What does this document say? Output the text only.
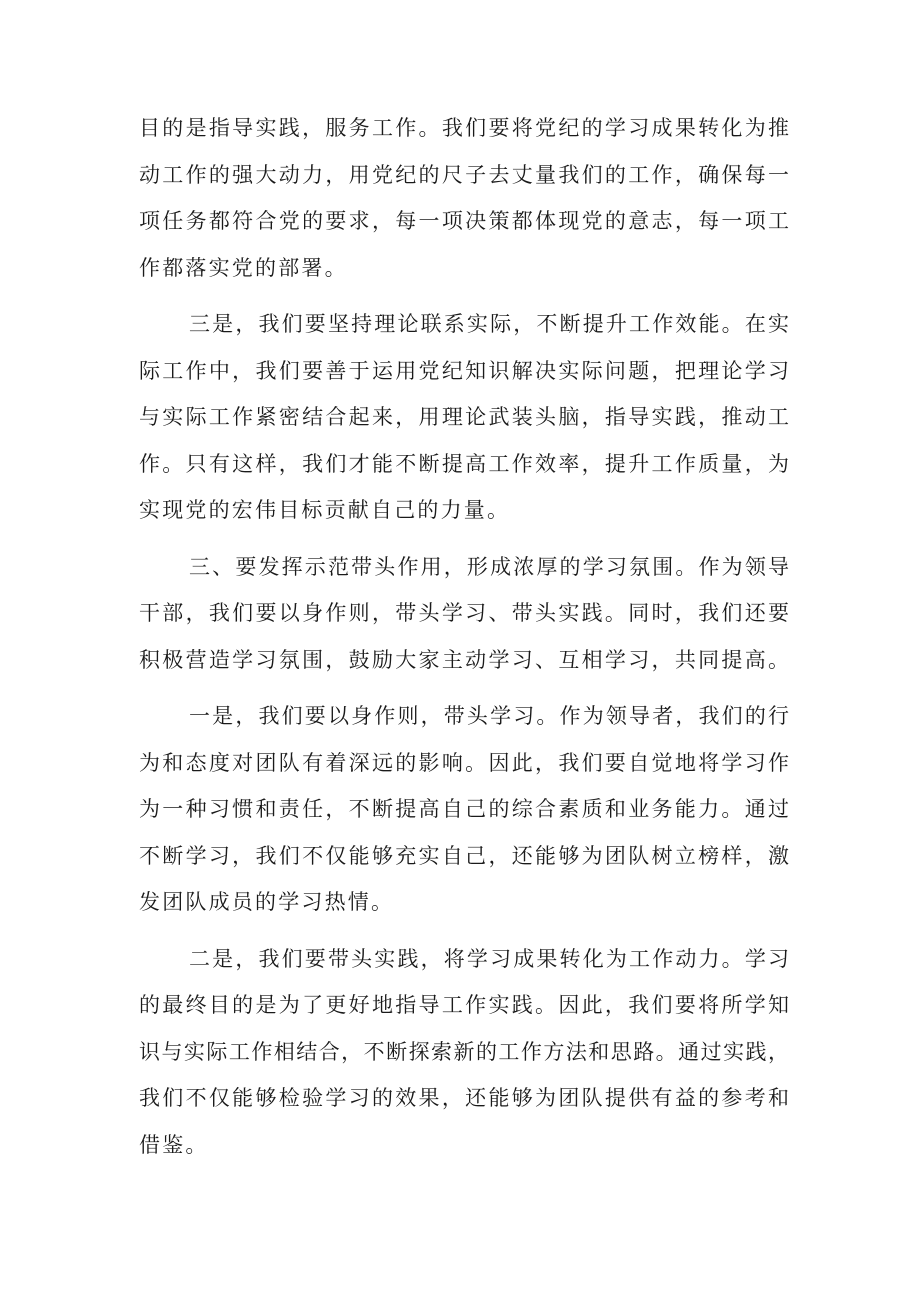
目的是指导实践，服务工作。我们要将党纪的学习成果转化为推
动工作的强大动力，用党纪的尺子去丈量我们的工作，确保每一
项任务都符合党的要求，每一项决策都体现党的意志，每一项工
作都落实党的部署。
三是，我们要坚持理论联系实际，不断提升工作效能。在实
际工作中，我们要善于运用党纪知识解决实际问题，把理论学习
与实际工作紧密结合起来，用理论武装头脑，指导实践，推动工
作。只有这样，我们才能不断提高工作效率，提升工作质量，为
实现党的宏伟目标贡献自己的力量。
三、要发挥示范带头作用，形成浓厚的学习氛围。作为领导
干部，我们要以身作则，带头学习、带头实践。同时，我们还要
积极营造学习氛围，鼓励大家主动学习、互相学习，共同提高。
一是，我们要以身作则，带头学习。作为领导者，我们的行
为和态度对团队有着深远的影响。因此，我们要自觉地将学习作
为一种习惯和责任，不断提高自己的综合素质和业务能力。通过
不断学习，我们不仅能够充实自己，还能够为团队树立榜样，激
发团队成员的学习热情。
二是，我们要带头实践，将学习成果转化为工作动力。学习
的最终目的是为了更好地指导工作实践。因此，我们要将所学知
识与实际工作相结合，不断探索新的工作方法和思路。通过实践，
我们不仅能够检验学习的效果，还能够为团队提供有益的参考和
借鉴。
